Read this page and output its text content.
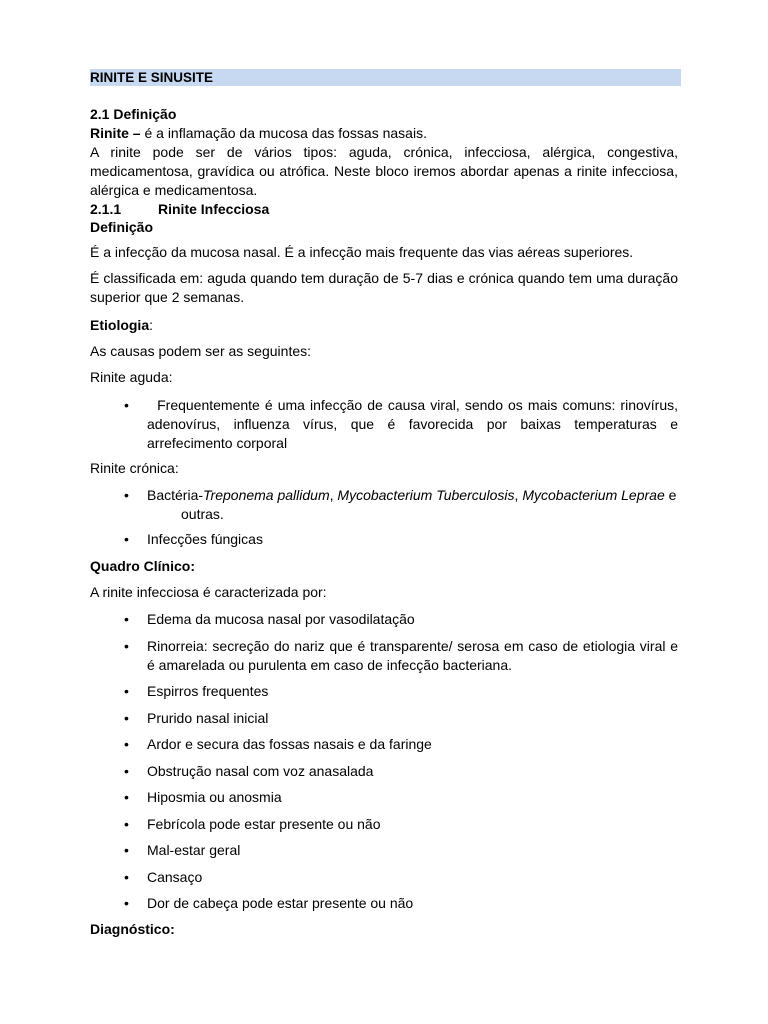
RINITE E SINUSITE
2.1 Definição
Rinite – é a inflamação da mucosa das fossas nasais.
A rinite pode ser de vários tipos: aguda, crónica, infecciosa, alérgica, congestiva, medicamentosa, gravídica ou atrófica. Neste bloco iremos abordar apenas a rinite infecciosa, alérgica e medicamentosa.
2.1.1	Rinite Infecciosa
Definição
É a infecção da mucosa nasal. É a infecção mais frequente das vias aéreas superiores.
É classificada em: aguda quando tem duração de 5-7 dias e crónica quando tem uma duração superior que 2 semanas.
Etiologia:
As causas podem ser as seguintes:
Rinite aguda:
• Frequentemente é uma infecção de causa viral, sendo os mais comuns: rinovírus, adenovírus, influenza vírus, que é favorecida por baixas temperaturas e arrefecimento corporal
Rinite crónica:
• Bactéria- Treponema pallidum , Mycobacterium Tuberculosis , Mycobacterium Leprae e
outras.
• Infecções fúngicas
Quadro Clínico:
A rinite infecciosa é caracterizada por:
• Edema da mucosa nasal por vasodilatação
• Rinorreia: secreção do nariz que é transparente/ serosa em caso de etiologia viral e é amarelada ou purulenta em caso de infecção bacteriana.
• Espirros frequentes
• Prurido nasal inicial
• Ardor e secura das fossas nasais e da faringe
• Obstrução nasal com voz anasalada
• Hiposmia ou anosmia
• Febrícola pode estar presente ou não
• Mal-estar geral
• Cansaço
• Dor de cabeça pode estar presente ou não
Diagnóstico:
